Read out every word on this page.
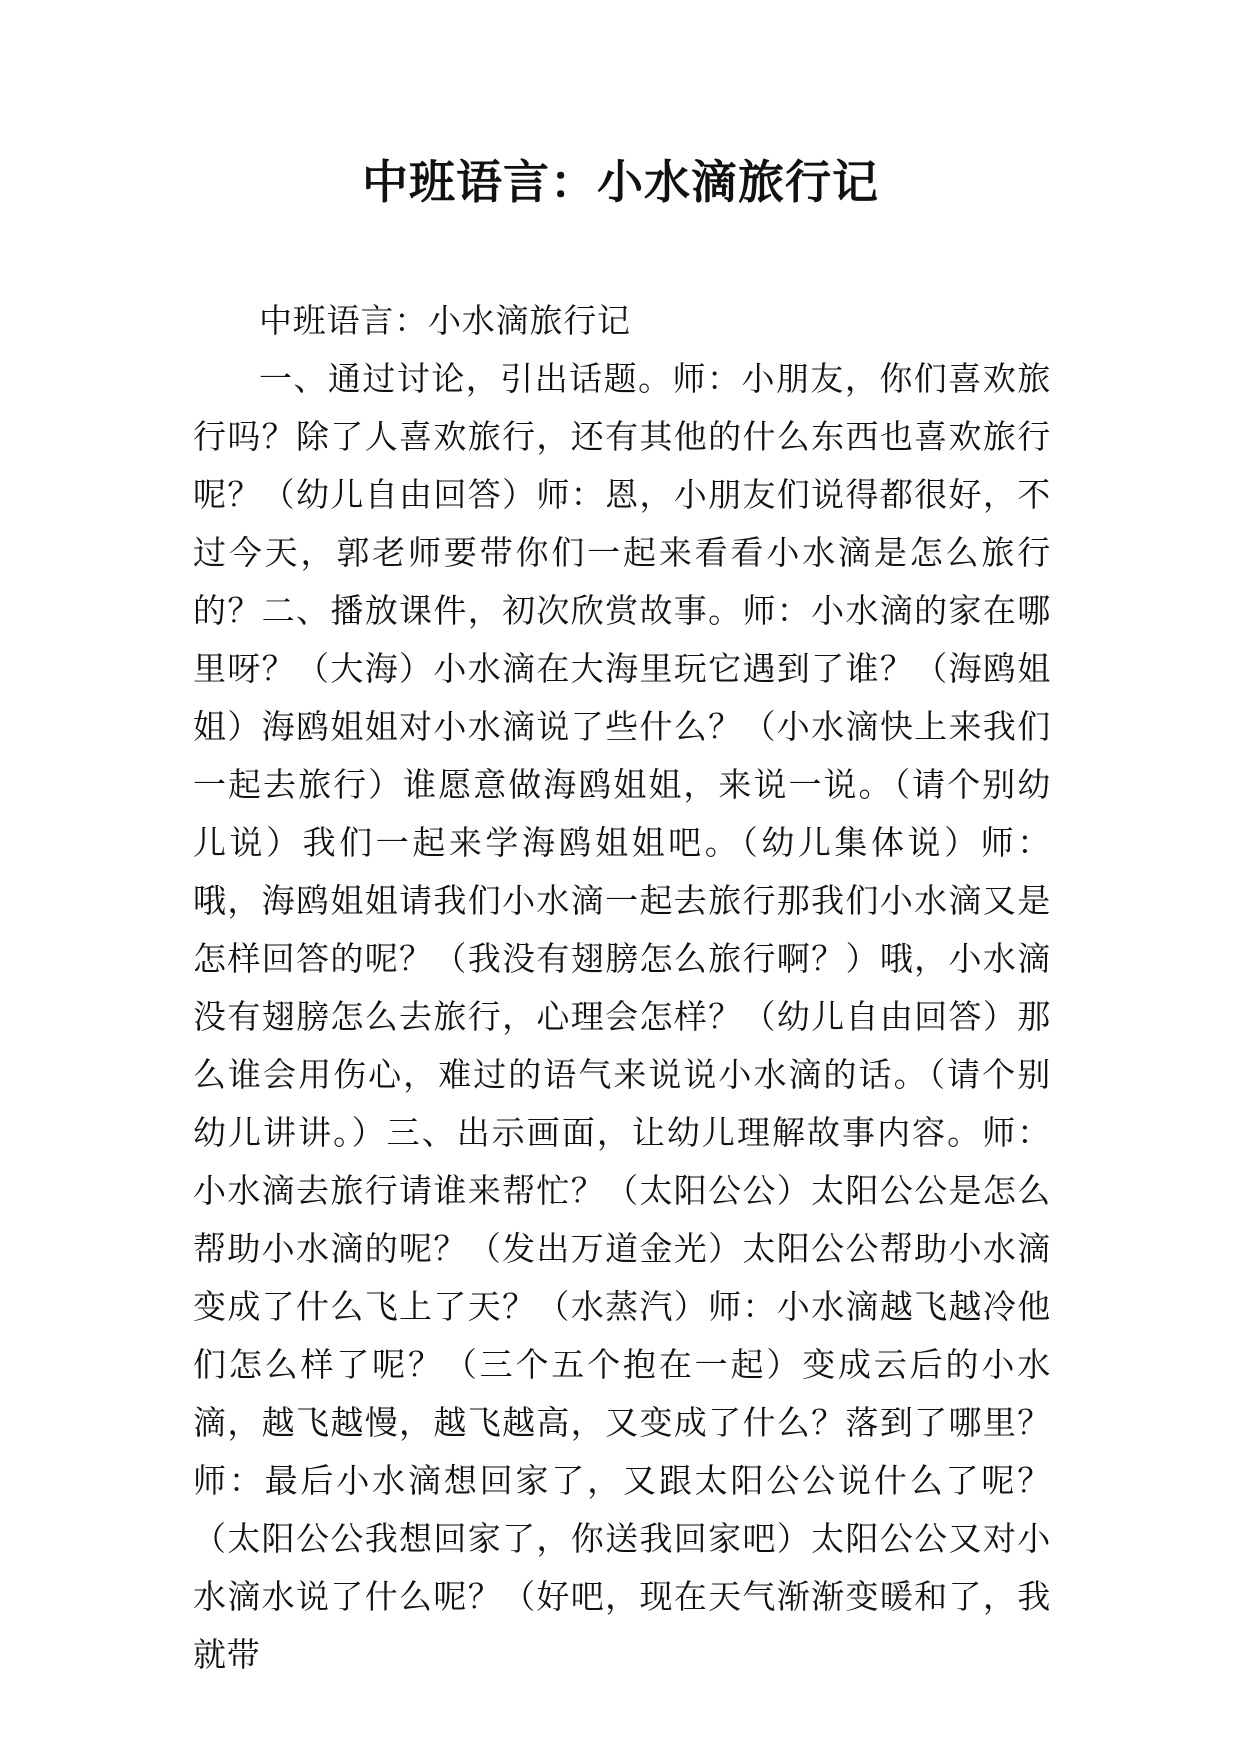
中班语言：小水滴旅行记

中班语言：小水滴旅行记

一、通过讨论，引出话题。师：小朋友，你们喜欢旅行吗？除了人喜欢旅行，还有其他的什么东西也喜欢旅行呢？（幼儿自由回答）师：恩，小朋友们说得都很好，不过今天，郭老师要带你们一起来看看小水滴是怎么旅行的？二、播放课件，初次欣赏故事。师：小水滴的家在哪里呀？（大海）小水滴在大海里玩它遇到了谁？（海鸥姐姐）海鸥姐姐对小水滴说了些什么？（小水滴快上来我们一起去旅行）谁愿意做海鸥姐姐，来说一说。（请个别幼儿说）我们一起来学海鸥姐姐吧。（幼儿集体说）师：哦，海鸥姐姐请我们小水滴一起去旅行那我们小水滴又是怎样回答的呢？（我没有翅膀怎么旅行啊？）哦，小水滴没有翅膀怎么去旅行，心理会怎样？（幼儿自由回答）那么谁会用伤心，难过的语气来说说小水滴的话。（请个别幼儿讲讲。）三、出示画面，让幼儿理解故事内容。师：小水滴去旅行请谁来帮忙？（太阳公公）太阳公公是怎么帮助小水滴的呢？（发出万道金光）太阳公公帮助小水滴变成了什么飞上了天？（水蒸汽）师：小水滴越飞越冷他们怎么样了呢？（三个五个抱在一起）变成云后的小水滴，越飞越慢，越飞越高，又变成了什么？落到了哪里？师：最后小水滴想回家了，又跟太阳公公说什么了呢？（太阳公公我想回家了，你送我回家吧）太阳公公又对小水滴水说了什么呢？（好吧，现在天气渐渐变暖和了，我就带
